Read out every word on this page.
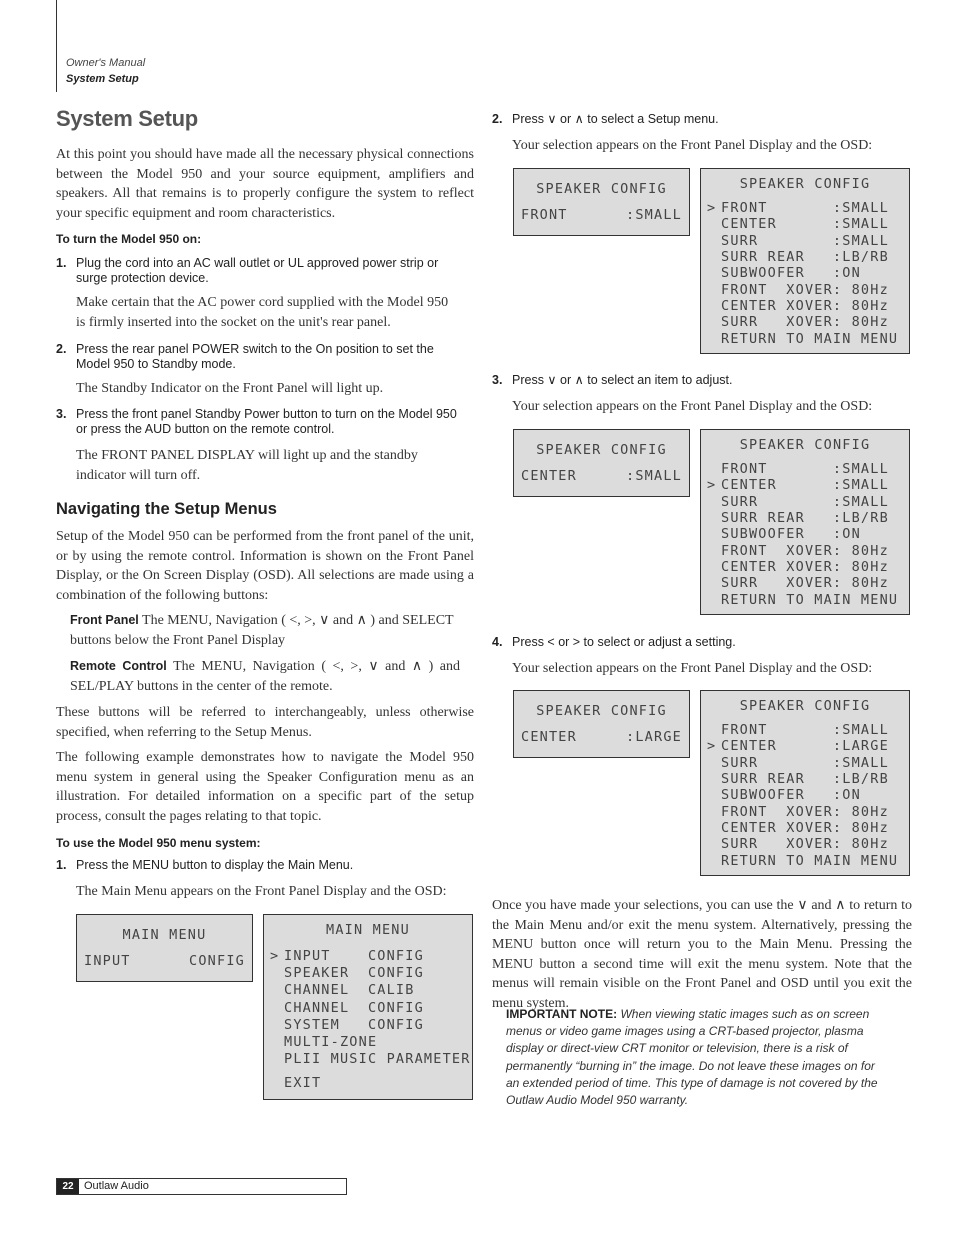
Owner's Manual
System Setup
System Setup

At this point you should have made all the necessary physical connections between the Model 950 and your source equipment, amplifiers and speakers. All that remains is to properly configure the system to reflect your specific equipment and room characteristics.

To turn the Model 950 on:
1. Plug the cord into an AC wall outlet or UL approved power strip or surge protection device.

Make certain that the AC power cord supplied with the Model 950 is firmly inserted into the socket on the unit's rear panel.

2. Press the rear panel POWER switch to the On position to set the Model 950 to Standby mode.

The Standby Indicator on the Front Panel will light up.

3. Press the front panel Standby Power button to turn on the Model 950 or press the AUD button on the remote control.

The FRONT PANEL DISPLAY will light up and the standby indicator will turn off.

Navigating the Setup Menus

Setup of the Model 950 can be performed from the front panel of the unit, or by using the remote control. Information is shown on the Front Panel Display, or the On Screen Display (OSD). All selections are made using a combination of the following buttons:

Front Panel The MENU, Navigation ( <, >, ∨ and ∧ ) and SELECT buttons below the Front Panel Display

Remote Control The MENU, Navigation ( <, >, ∨ and ∧ ) and SEL/PLAY buttons in the center of the remote.

These buttons will be referred to interchangeably, unless otherwise specified, when referring to the Setup Menus.

The following example demonstrates how to navigate the Model 950 menu system in general using the Speaker Configuration menu as an illustration. For detailed information on a specific part of the setup process, consult the pages relating to that topic.

To use the Model 950 menu system:
1. Press the MENU button to display the Main Menu.

The Main Menu appears on the Front Panel Display and the OSD:

MAIN MENU
INPUT	CONFIG
MAIN MENU
> INPUT    CONFIG
SPEAKER  CONFIG
CHANNEL  CALIB
CHANNEL  CONFIG
SYSTEM   CONFIG
MULTI-ZONE
PLII MUSIC PARAMETER
EXIT
2. Press ∨ or ∧ to select a Setup menu.

Your selection appears on the Front Panel Display and the OSD:

SPEAKER CONFIG
FRONT	:SMALL
SPEAKER CONFIG
> FRONT       :SMALL
CENTER      :SMALL
SURR        :SMALL
SURR REAR   :LB/RB
SUBWOOFER   :ON
FRONT  XOVER: 80Hz
CENTER XOVER: 80Hz
SURR   XOVER: 80Hz
RETURN TO MAIN MENU
3. Press ∨ or ∧ to select an item to adjust.

Your selection appears on the Front Panel Display and the OSD:

SPEAKER CONFIG
CENTER	:SMALL
SPEAKER CONFIG
>
FRONT       :SMALL
CENTER      :SMALL
SURR        :SMALL
SURR REAR   :LB/RB
SUBWOOFER   :ON
FRONT  XOVER: 80Hz
CENTER XOVER: 80Hz
SURR   XOVER: 80Hz
RETURN TO MAIN MENU
4. Press < or > to select or adjust a setting.

Your selection appears on the Front Panel Display and the OSD:

SPEAKER CONFIG
CENTER	:LARGE
SPEAKER CONFIG
>
FRONT       :SMALL
CENTER      :LARGE
SURR        :SMALL
SURR REAR   :LB/RB
SUBWOOFER   :ON
FRONT  XOVER: 80Hz
CENTER XOVER: 80Hz
SURR   XOVER: 80Hz
RETURN TO MAIN MENU

Once you have made your selections, you can use the ∨ and ∧ to return to the Main Menu and/or exit the menu system. Alternatively, pressing the MENU button once will return you to the Main Menu. Pressing the MENU button a second time will exit the menu system. Note that the menus will remain visible on the Front Panel and OSD until you exit the menu system.

IMPORTANT NOTE: When viewing static images such as on screen menus or video game images using a CRT-based projector, plasma display or direct-view CRT monitor or television, there is a risk of permanently “burning in” the image. Do not leave these images on for an extended period of time. This type of damage is not covered by the Outlaw Audio Model 950 warranty.
22 Outlaw Audio
